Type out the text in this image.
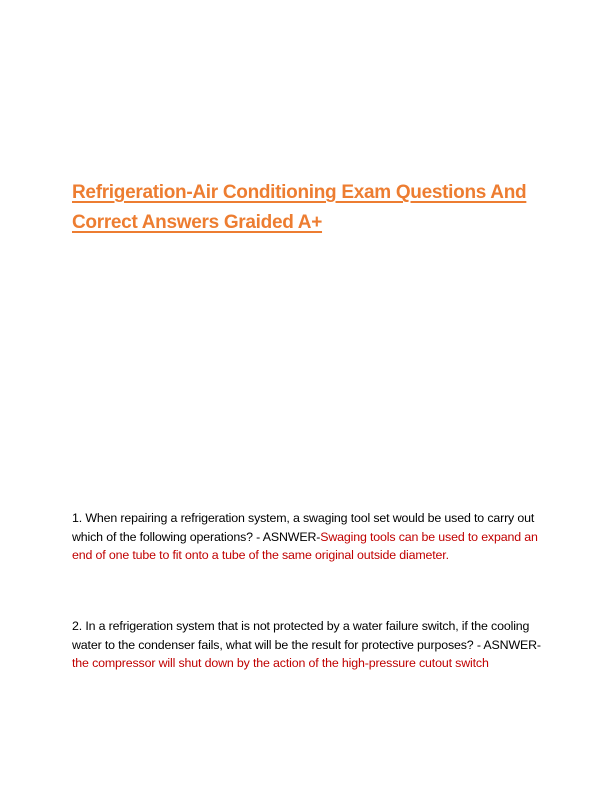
Refrigeration-Air Conditioning Exam Questions And Correct Answers Graided A+

1. When repairing a refrigeration system, a swaging tool set would be used to carry out which of the following operations? - ASNWER-Swaging tools can be used to expand an end of one tube to fit onto a tube of the same original outside diameter.

2. In a refrigeration system that is not protected by a water failure switch, if the cooling water to the condenser fails, what will be the result for protective purposes? - ASNWER-the compressor will shut down by the action of the high-pressure cutout switch
